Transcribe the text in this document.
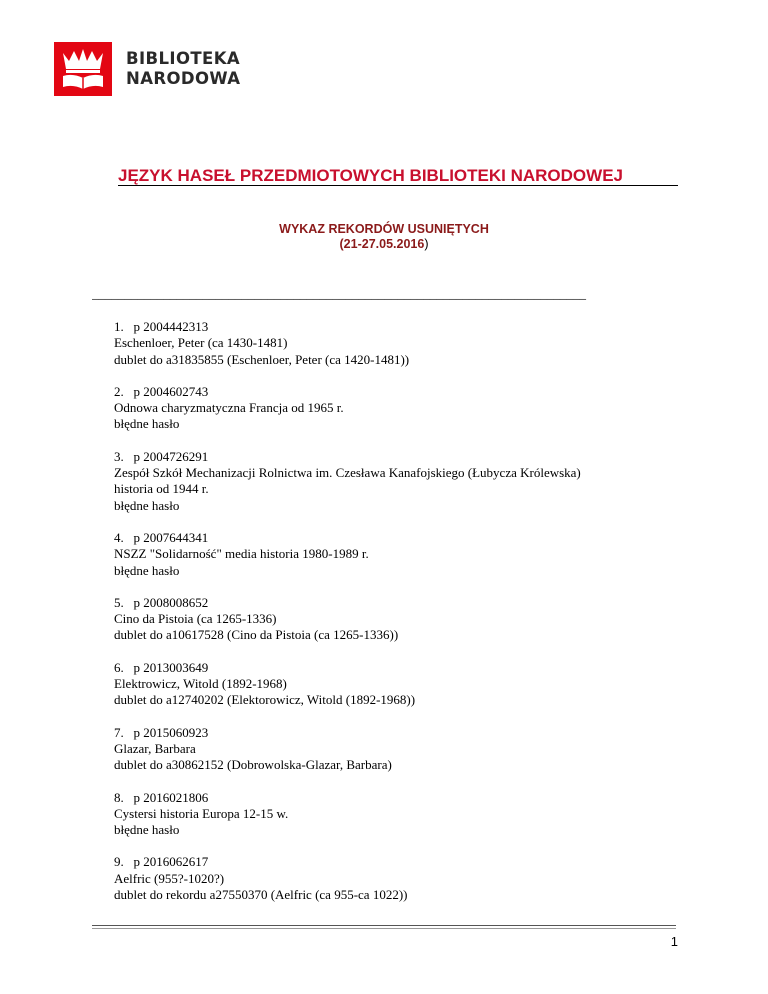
BIBLIOTEKA
NARODOWA
JĘZYK HASEŁ PRZEDMIOTOWYCH BIBLIOTEKI NARODOWEJ
WYKAZ REKORDÓW USUNIĘTYCH
(21-27.05.2016)
____________________________________________________________________________
1. p 2004442313
Eschenloer, Peter (ca 1430-1481)
dublet do a31835855 (Eschenloer, Peter (ca 1420-1481))
2. p 2004602743
Odnowa charyzmatyczna Francja od 1965 r.
błędne hasło
3. p 2004726291
Zespół Szkół Mechanizacji Rolnictwa im. Czesława Kanafojskiego (Łubycza Królewska)
historia od 1944 r.
błędne hasło
4. p 2007644341
NSZZ "Solidarność" media historia 1980-1989 r.
błędne hasło
5. p 2008008652
Cino da Pistoia (ca 1265-1336)
dublet do a10617528 (Cino da Pistoia (ca 1265-1336))
6. p 2013003649
Elektrowicz, Witold (1892-1968)
dublet do a12740202 (Elektorowicz, Witold (1892-1968))
7. p 2015060923
Glazar, Barbara
dublet do a30862152 (Dobrowolska-Glazar, Barbara)
8. p 2016021806
Cystersi historia Europa 12-15 w.
błędne hasło
9. p 2016062617
Aelfric (955?-1020?)
dublet do rekordu a27550370 (Aelfric (ca 955-ca 1022))
1
